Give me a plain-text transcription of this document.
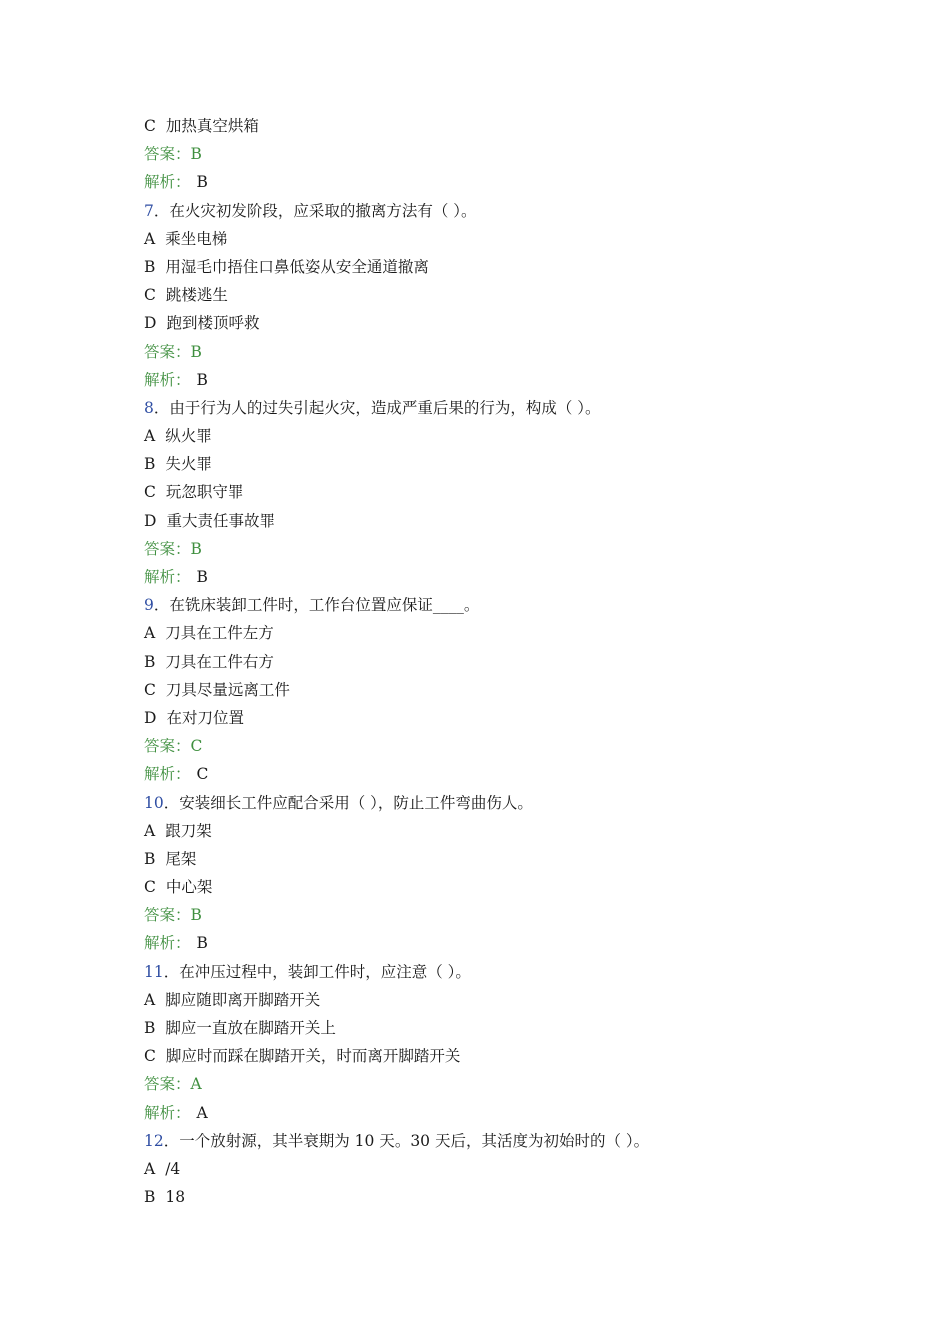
C 加热真空烘箱
答案：B
解析： B
7．在火灾初发阶段，应采取的撤离方法有（ ）。
A 乘坐电梯
B 用湿毛巾捂住口鼻低姿从安全通道撤离
C 跳楼逃生
D 跑到楼顶呼救
答案：B
解析： B
8．由于行为人的过失引起火灾，造成严重后果的行为，构成（ ）。
A 纵火罪
B 失火罪
C 玩忽职守罪
D 重大责任事故罪
答案：B
解析： B
9．在铣床装卸工件时，工作台位置应保证____。
A 刀具在工件左方
B 刀具在工件右方
C 刀具尽量远离工件
D 在对刀位置
答案：C
解析： C
10．安装细长工件应配合采用（ ），防止工件弯曲伤人。
A 跟刀架
B 尾架
C 中心架
答案：B
解析： B
11．在冲压过程中，装卸工件时，应注意（ ）。
A 脚应随即离开脚踏开关
B 脚应一直放在脚踏开关上
C 脚应时而踩在脚踏开关，时而离开脚踏开关
答案：A
解析： A
12．一个放射源，其半衰期为 10 天。30 天后，其活度为初始时的（ ）。
A /4
B 18
